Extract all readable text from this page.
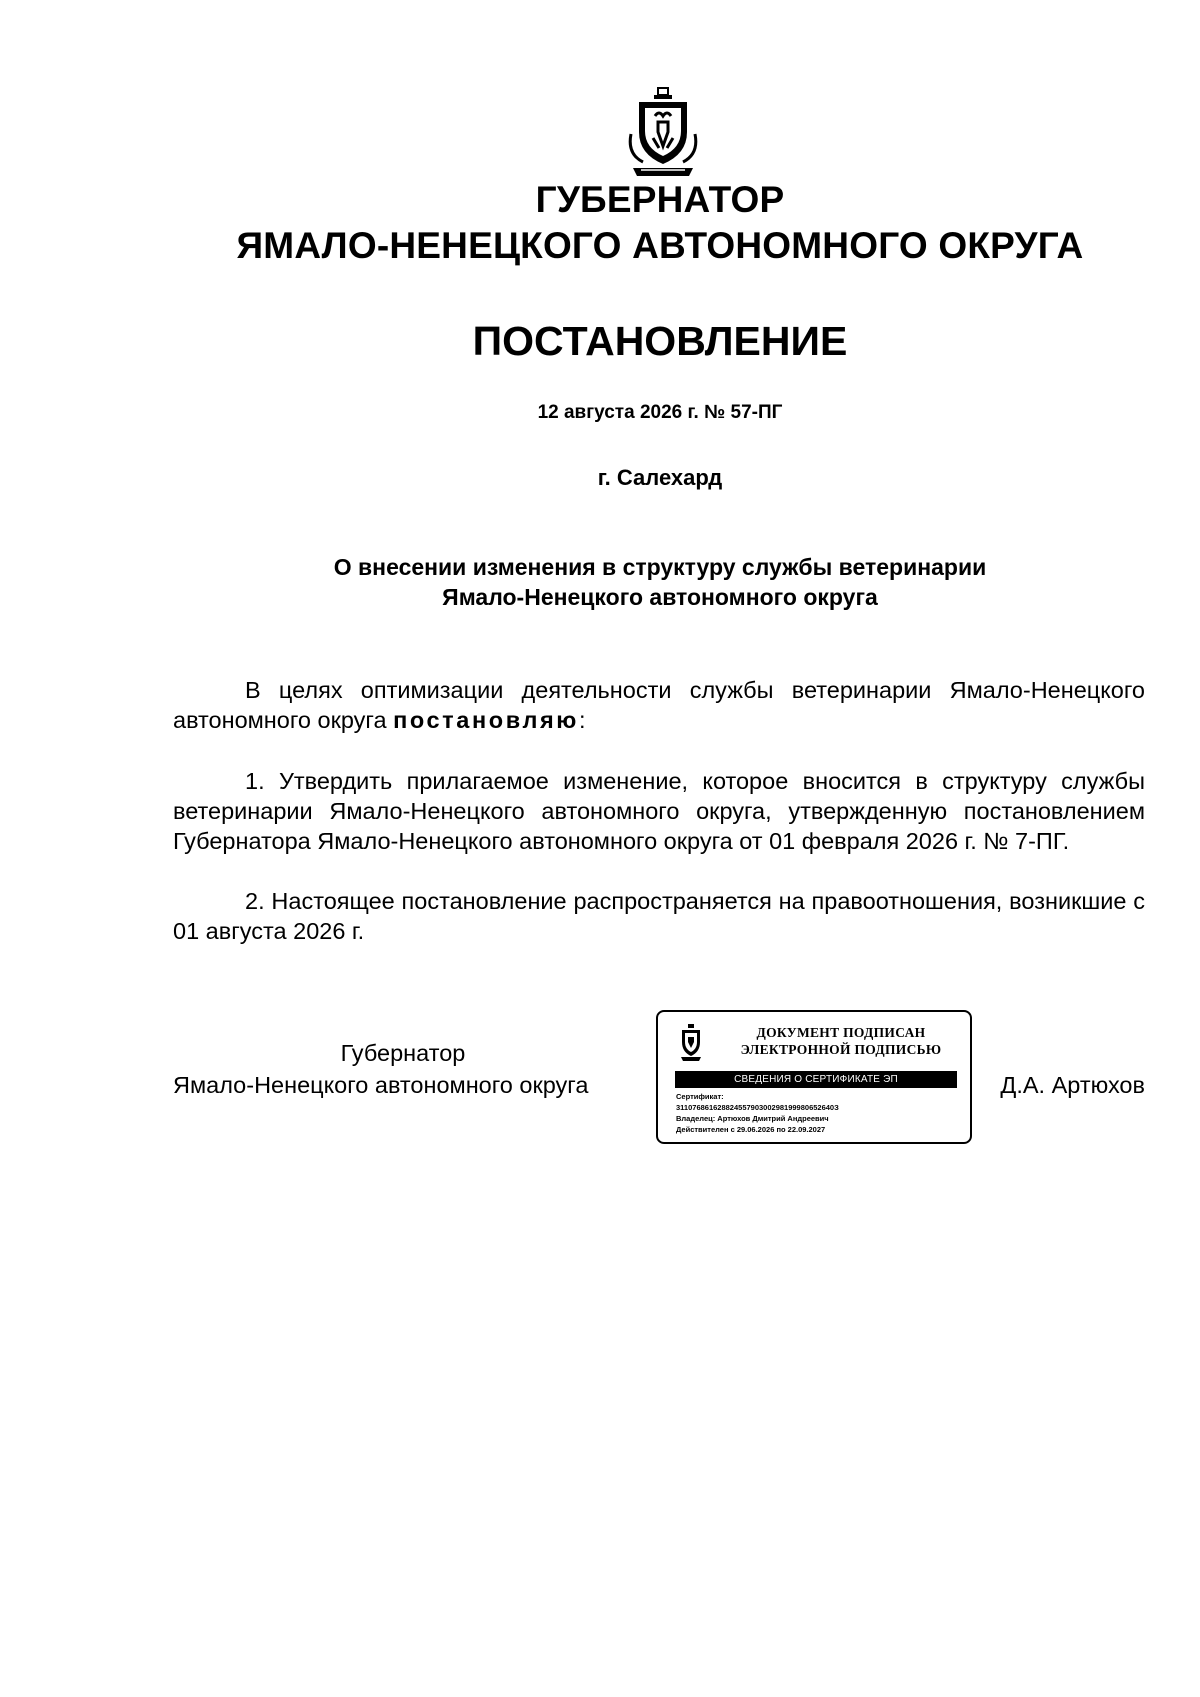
ГУБЕРНАТОР
ЯМАЛО-НЕНЕЦКОГО АВТОНОМНОГО ОКРУГА
ПОСТАНОВЛЕНИЕ
12 августа 2026 г. № 57-ПГ
г. Салехард
О внесении изменения в структуру службы ветеринарии
Ямало-Ненецкого автономного округа
В целях оптимизации деятельности службы ветеринарии Ямало-Ненецкого автономного округа постановляю:
1. Утвердить прилагаемое изменение, которое вносится в структуру службы ветеринарии Ямало-Ненецкого автономного округа, утвержденную постановлением Губернатора Ямало-Ненецкого автономного округа от 01 февраля 2026 г. № 7-ПГ.
2. Настоящее постановление распространяется на правоотношения, возникшие с 01 августа 2026 г.
Губернатор
Ямало-Ненецкого автономного округа
ДОКУМЕНТ ПОДПИСАН
ЭЛЕКТРОННОЙ ПОДПИСЬЮ
СВЕДЕНИЯ О СЕРТИФИКАТЕ ЭП
Сертификат:
31107686162882455790300298199980652640З
Владелец: Артюхов Дмитрий Андреевич
Действителен с 29.06.2026 по 22.09.2027
Д.А. Артюхов
